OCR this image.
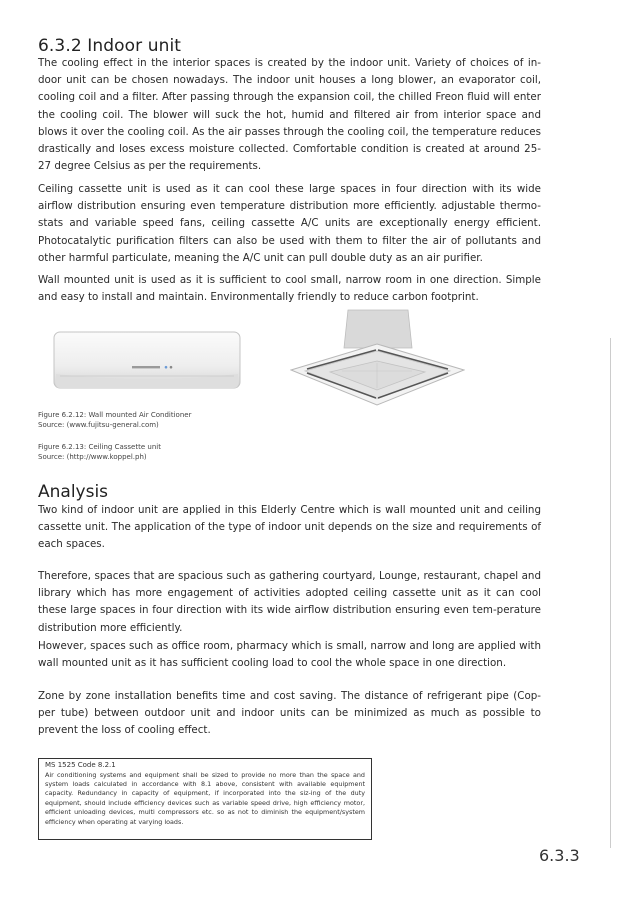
6.3.2 Indoor unit

The cooling effect in the interior spaces is created by the indoor unit. Variety of choices of in-door unit can be chosen nowadays. The indoor unit houses a long blower, an evaporator coil, cooling coil and a filter. After passing through the expansion coil, the chilled Freon fluid will enter the cooling coil. The blower will suck the hot, humid and filtered air from interior space and blows it over the cooling coil. As the air passes through the cooling coil, the temperature reduces drastically and loses excess moisture collected. Comfortable condition is created at around 25-27 degree Celsius as per the requirements.

Ceiling cassette unit is used as it can cool these large spaces in four direction with its wide airflow distribution ensuring even temperature distribution more efficiently. adjustable thermo-stats and variable speed fans, ceiling cassette A/C units are exceptionally energy efficient. Photocatalytic purification filters can also be used with them to filter the air of pollutants and other harmful particulate, meaning the A/C unit can pull double duty as an air purifier.

Wall mounted unit is used as it is sufficient to cool small, narrow room in one direction. Simple and easy to install and maintain. Environmentally friendly to reduce carbon footprint.

Figure 6.2.12: Wall mounted Air Conditioner
Source: (www.fujitsu-general.com)

Figure 6.2.13: Ceiling Cassette unit
Source: (http://www.koppel.ph)

Analysis

Two kind of indoor unit are applied in this Elderly Centre which is wall mounted unit and ceiling cassette unit. The application of the type of indoor unit depends on the size and requirements of each spaces.

Therefore, spaces that are spacious such as gathering courtyard, Lounge, restaurant, chapel and library which has more engagement of activities adopted ceiling cassette unit as it can cool these large spaces in four direction with its wide airflow distribution ensuring even tem-perature distribution more efficiently.

However, spaces such as office room, pharmacy which is small, narrow and long are applied with wall mounted unit as it has sufficient cooling load to cool the whole space in one direction.

Zone by zone installation benefits time and cost saving. The distance of refrigerant pipe (Cop-per tube) between outdoor unit and indoor units can be minimized as much as possible to prevent the loss of cooling effect.

MS 1525 Code 8.2.1

Air conditioning systems and equipment shall be sized to provide no more than the space and system loads calculated in accordance with 8.1 above, consistent with available equipment capacity. Redundancy in capacity of equipment, if incorporated into the siz-ing of the duty equipment, should include efficiency devices such as variable speed drive, high efficiency motor, efficient unloading devices, multi compressors etc. so as not to diminish the equipment/system efficiency when operating at varying loads.

6.3.3
